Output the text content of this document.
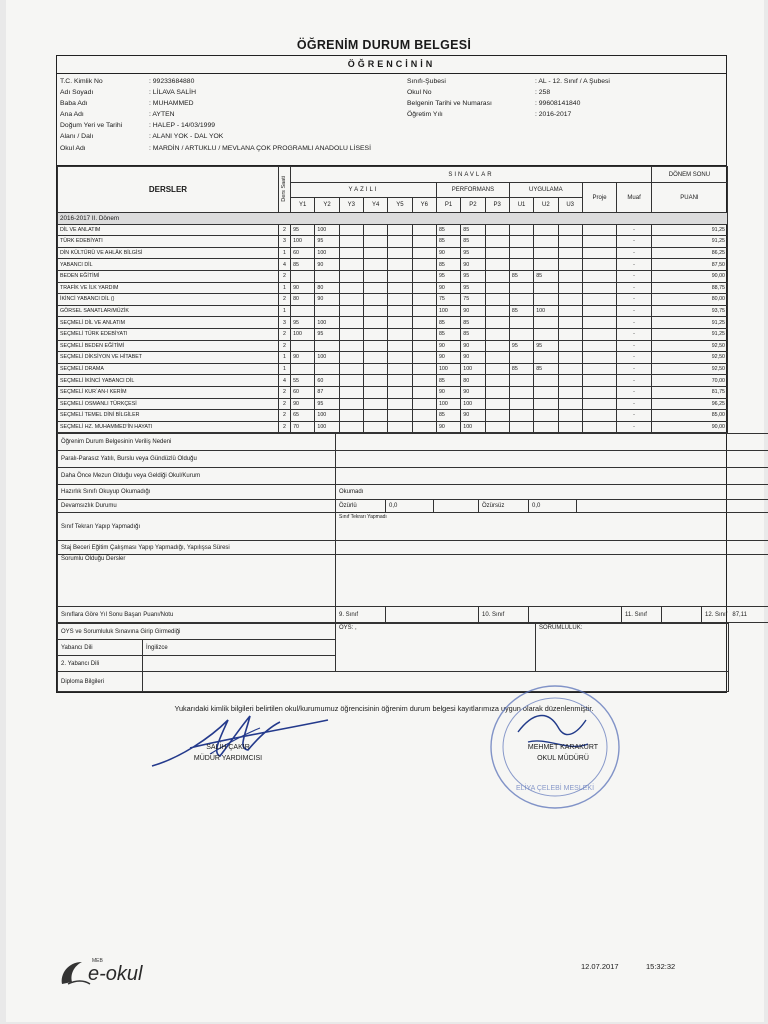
ÖĞRENİM DURUM BELGESİ
ÖĞRENCİNİN
T.C. Kimlik No	: 99233684880
Adı Soyadı	: LİLAVA SALİH
Baba Adı	: MUHAMMED
Ana Adı	: AYTEN
Doğum Yeri ve Tarihi	: HALEP - 14/03/1999
Alanı / Dalı	: ALANI YOK - DAL YOK
Okul Adı	: MARDİN / ARTUKLU / MEVLANA ÇOK PROGRAMLI ANADOLU LİSESİ
Sınıfı-Şubesi	: AL - 12. Sınıf / A Şubesi
Okul No	: 258
Belgenin Tarihi ve Numarası	: 99608141840
Öğretim Yılı	: 2016-2017
DERSLER	Ders Saati	SINAVLAR														DÖNEM SONU
		YAZILI						PERFORMANS			UYGULAMA			Proje	Muaf	PUANI
		Y1	Y2	Y3	Y4	Y5	Y6	P1	P2	P3	U1	U2	U3			
2016-2017 II. Dönem																
DİL VE ANLATIM	2	95	100					85	85						-	91,25
TÜRK EDEBİYATI	3	100	95					85	85						-	91,25
DİN KÜLTÜRÜ VE AHLÂK BİLGİSİ	1	60	100					90	95						-	86,25
YABANCI DİL	4	85	90					85	90						-	87,50
BEDEN EĞİTİMİ	2							95	95		85	85			-	90,00
TRAFİK VE İLK YARDIM	1	90	80					90	95						-	88,75
İKİNCİ YABANCI DİL ()	2	80	90					75	75						-	80,00
GÖRSEL SANATLAR/MÜZİK	1							100	90		85	100			-	93,75
SEÇMELİ DİL VE ANLATIM	3	95	100					85	85						-	91,25
SEÇMELİ TÜRK EDEBİYATI	2	100	95					85	85						-	91,25
SEÇMELİ BEDEN EĞİTİMİ	2							90	90		95	95			-	92,50
SEÇMELİ DİKSİYON VE HİTABET	1	90	100					90	90						-	92,50
SEÇMELİ DRAMA	1							100	100		85	85			-	92,50
SEÇMELİ İKİNCİ YABANCI DİL	4	55	60					85	80						-	70,00
SEÇMELİ KUR`AN-I KERİM	2	60	87					90	90						-	81,75
SEÇMELİ OSMANLI TÜRKÇESİ	2	90	95					100	100						-	96,25
SEÇMELİ TEMEL DİNİ BİLGİLER	2	65	100					85	90						-	85,00
SEÇMELİ HZ. MUHAMMED'İN HAYATI	2	70	100					90	100						-	90,00
Öğrenim Durum Belgesinin Veriliş Nedeni									
Paralı-Parasız Yatılı, Burslu veya Gündüzlü Olduğu									
Daha Önce Mezun Olduğu veya Geldiği Okul/Kurum									
Hazırlık Sınıfı Okuyup Okumadığı	Okumadı								
Devamsızlık Durumu	Özürlü	0,0		Özürsüz	0,0				
Sınıf Tekrarı Yapıp Yapmadığı	Sınıf Tekrarı Yapmadı								
Staj Beceri Eğitim Çalışması Yapıp Yapmadığı, Yapılışsa Süresi									
Sorumlu Olduğu Dersler									
Sınıflara Göre Yıl Sonu Başarı Puanı/Notu	9. Sınıf			10. Sınıf			11. Sınıf		12. Sınıf 87,11
OYS ve Sorumluluk Sınavına Girip Girmediği		OYS: ,	SORUMLULUK:
Yabancı Dili	İngilizce		
2. Yabancı Dili			
Diploma Bilgileri			
Yukarıdaki kimlik bilgileri belirtilen okul/kurumumuz öğrencisinin öğrenim durum belgesi kayıtlarımıza uygun olarak düzenlenmiştir.
SALİH ÇAKIR
MÜDÜR YARDIMCISI
ELİYA ÇELEBİ MESLEKİ
MEHMET KARAKURT
OKUL MÜDÜRÜ
MEB
e-okul	12.07.2017	15:32:32
